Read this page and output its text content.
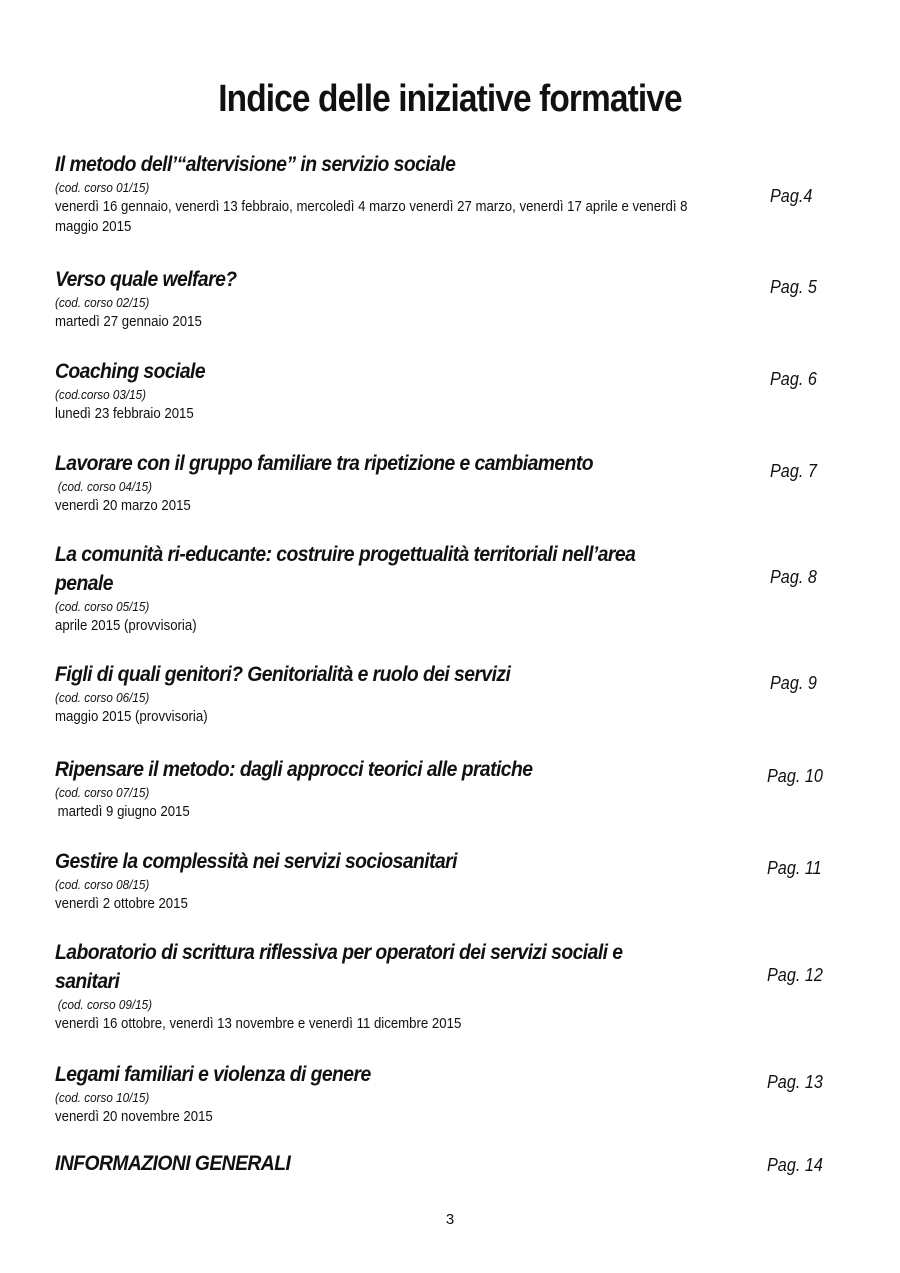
Indice delle iniziative formative
Il metodo dell’“altervisione” in servizio sociale
(cod. corso 01/15)
venerdì 16 gennaio, venerdì 13 febbraio, mercoledì 4 marzo venerdì 27 marzo, venerdì 17 aprile e venerdì 8 maggio 2015
Pag.4
Verso quale welfare?
(cod. corso 02/15)
martedì 27 gennaio 2015
Pag. 5
Coaching sociale
(cod.corso 03/15)
lunedì 23 febbraio 2015
Pag. 6
Lavorare con il gruppo familiare tra ripetizione e cambiamento
(cod. corso 04/15)
venerdì 20 marzo 2015
Pag. 7
La comunità ri-educante: costruire progettualità territoriali nell’area penale
(cod. corso 05/15)
aprile 2015 (provvisoria)
Pag. 8
Figli di quali genitori? Genitorialità e ruolo dei servizi
(cod. corso 06/15)
maggio 2015 (provvisoria)
Pag. 9
Ripensare il metodo: dagli approcci teorici alle pratiche
(cod. corso 07/15)
martedì 9 giugno 2015
Pag. 10
Gestire la complessità nei servizi sociosanitari
(cod. corso 08/15)
venerdì 2 ottobre 2015
Pag. 11
Laboratorio di scrittura riflessiva per operatori dei servizi sociali e sanitari
(cod. corso 09/15)
venerdì 16 ottobre, venerdì 13 novembre e venerdì 11 dicembre 2015
Pag. 12
Legami familiari e violenza di genere
(cod. corso 10/15)
venerdì 20 novembre 2015
Pag. 13
INFORMAZIONI GENERALI	Pag. 14
3
